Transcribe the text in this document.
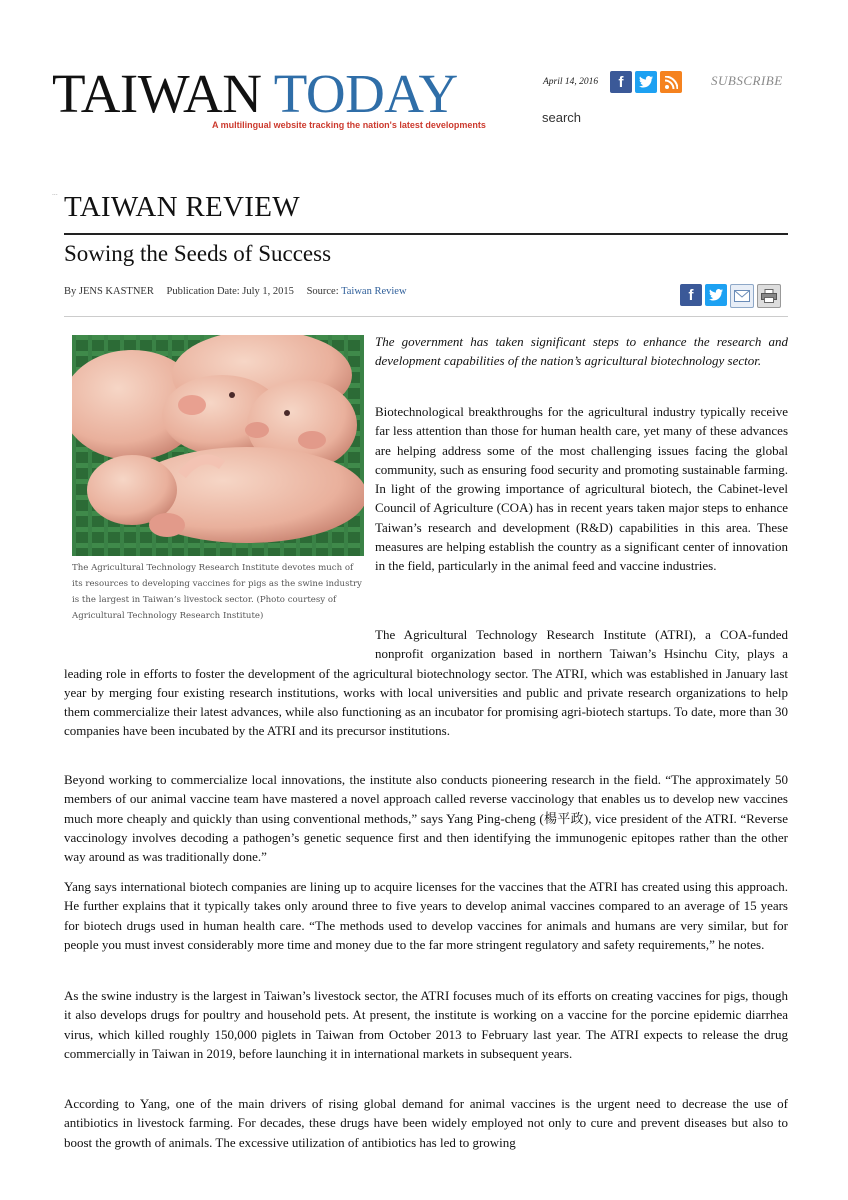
TAIWAN TODAY
A multilingual website tracking the nation's latest developments
April 14, 2016	f	SUBSCRIBE
search
··· TAIWAN REVIEW
Sowing the Seeds of Success
By JENS KASTNER Publication Date: July 1, 2015 Source: Taiwan Review	f
The Agricultural Technology Research Institute devotes much of its resources to developing vaccines for pigs as the swine industry is the largest in Taiwan’s livestock sector. (Photo courtesy of Agricultural Technology Research Institute)
The government has taken significant steps to enhance the research and development capabilities of the nation’s agricultural biotechnology sector.
Biotechnological breakthroughs for the agricultural industry typically receive far less attention than those for human health care, yet many of these advances are helping address some of the most challenging issues facing the global community, such as ensuring food security and promoting sustainable farming. In light of the growing importance of agricultural biotech, the Cabinet-level Council of Agriculture (COA) has in recent years taken major steps to enhance Taiwan’s research and development (R&D) capabilities in this area. These measures are helping establish the country as a significant center of innovation in the field, particularly in the animal feed and vaccine industries.
The Agricultural Technology Research Institute (ATRI), a COA-funded nonprofit organization based in northern Taiwan’s Hsinchu City, plays a leading role in efforts to foster the development of the agricultural biotechnology sector. The ATRI, which was established in January last year by merging four existing research institutions, works with local universities and public and private research organizations to help them commercialize their latest advances, while also functioning as an incubator for promising agri-biotech startups. To date, more than 30 companies have been incubated by the ATRI and its precursor institutions.
Beyond working to commercialize local innovations, the institute also conducts pioneering research in the field. “The approximately 50 members of our animal vaccine team have mastered a novel approach called reverse vaccinology that enables us to develop new vaccines much more cheaply and quickly than using conventional methods,” says Yang Ping-cheng (楊平政), vice president of the ATRI. “Reverse vaccinology involves decoding a pathogen’s genetic sequence first and then identifying the immunogenic epitopes rather than the other way around as was traditionally done.”
Yang says international biotech companies are lining up to acquire licenses for the vaccines that the ATRI has created using this approach. He further explains that it typically takes only around three to five years to develop animal vaccines compared to an average of 15 years for biotech drugs used in human health care. “The methods used to develop vaccines for animals and humans are very similar, but for people you must invest considerably more time and money due to the far more stringent regulatory and safety requirements,” he notes.
As the swine industry is the largest in Taiwan’s livestock sector, the ATRI focuses much of its efforts on creating vaccines for pigs, though it also develops drugs for poultry and household pets. At present, the institute is working on a vaccine for the porcine epidemic diarrhea virus, which killed roughly 150,000 piglets in Taiwan from October 2013 to February last year. The ATRI expects to release the drug commercially in Taiwan in 2019, before launching it in international markets in subsequent years.
According to Yang, one of the main drivers of rising global demand for animal vaccines is the urgent need to decrease the use of antibiotics in livestock farming. For decades, these drugs have been widely employed not only to cure and prevent diseases but also to boost the growth of animals. The excessive utilization of antibiotics has led to growing
